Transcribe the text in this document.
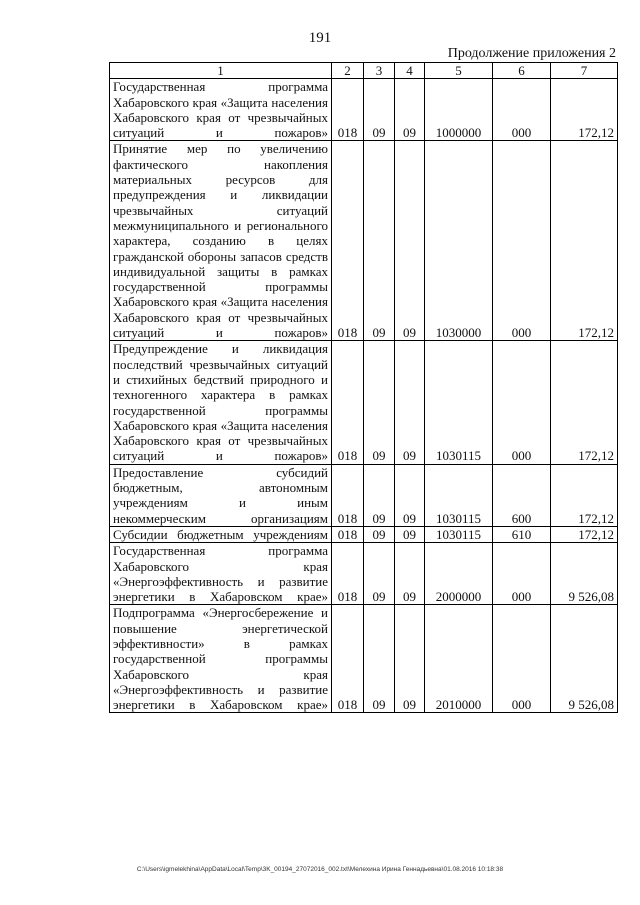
191
Продолжение приложения 2
1	2	3	4	5	6	7
Государственная программа Хабаровского края «Защита населения Хабаровского края от чрезвычайных ситуаций и пожаров»	018	09	09	1000000	000	172,12
Принятие мер по увеличению фактического накопления материальных ресурсов для предупреждения и ликвидации чрезвычайных ситуаций межмуниципального и регионального характера, созданию в целях гражданской обороны запасов средств индивидуальной защиты в рамках государственной программы Хабаровского края «Защита населения Хабаровского края от чрезвычайных ситуаций и пожаров»	018	09	09	1030000	000	172,12
Предупреждение и ликвидация последствий чрезвычайных ситуаций и стихийных бедствий природного и техногенного характера в рамках государственной программы Хабаровского края «Защита населения Хабаровского края от чрезвычайных ситуаций и пожаров»	018	09	09	1030115	000	172,12
Предоставление субсидий бюджетным, автономным учреждениям и иным некоммерческим организациям	018	09	09	1030115	600	172,12
Субсидии бюджетным учреждениям	018	09	09	1030115	610	172,12
Государственная программа Хабаровского края «Энергоэффективность и развитие энергетики в Хабаровском крае»	018	09	09	2000000	000	9 526,08
Подпрограмма «Энергосбережение и повышение энергетической эффективности» в рамках государственной программы Хабаровского края «Энергоэффективность и развитие энергетики в Хабаровском крае»	018	09	09	2010000	000	9 526,08
C:\Users\igmelekhina\AppData\Local\Temp\3K_00194_27072016_002.txt\Мелехина Ирина Геннадьевна\01.08.2016 10:18:38
